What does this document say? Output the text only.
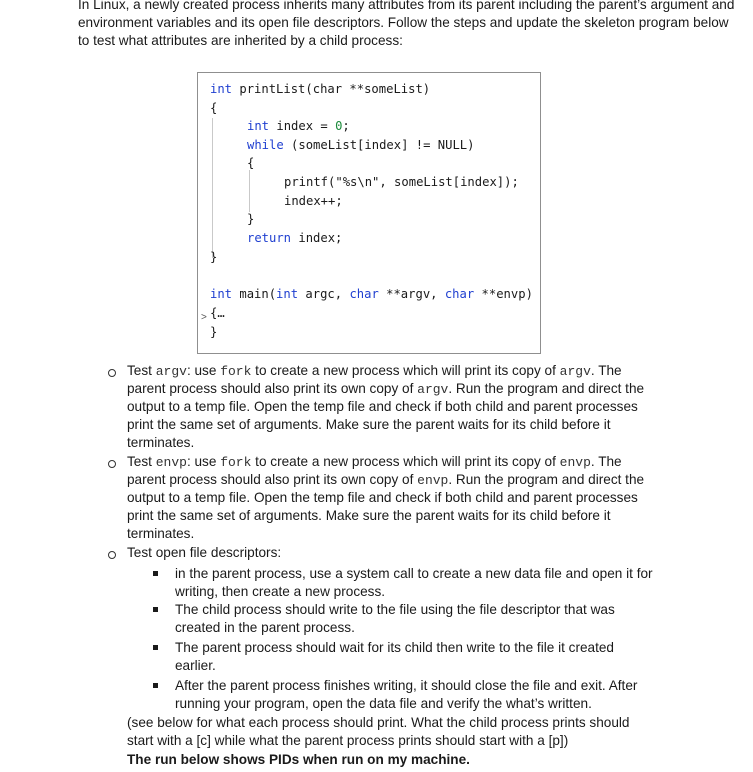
In Linux, a newly created process inherits many attributes from its parent including the parent’s argument and environment variables and its open file descriptors. Follow the steps and update the skeleton program below to test what attributes are inherited by a child process:
int printList(char **someList)
{
int index = 0;
while (someList[index] != NULL)
{
printf("%s\n", someList[index]);
index++;
}
return index;
}
int main(int argc, char **argv, char **envp)
> {…
}
Test argv: use fork to create a new process which will print its copy of argv. The
parent process should also print its own copy of argv. Run the program and direct the
output to a temp file. Open the temp file and check if both child and parent processes
print the same set of arguments. Make sure the parent waits for its child before it
terminates.
Test envp: use fork to create a new process which will print its copy of envp. The
parent process should also print its own copy of envp. Run the program and direct the
output to a temp file. Open the temp file and check if both child and parent processes
print the same set of arguments. Make sure the parent waits for its child before it
terminates.
Test open file descriptors:
in the parent process, use a system call to create a new data file and open it for
writing, then create a new process.
The child process should write to the file using the file descriptor that was
created in the parent process.
The parent process should wait for its child then write to the file it created
earlier.
After the parent process finishes writing, it should close the file and exit. After
running your program, open the data file and verify the what’s written.
(see below for what each process should print. What the child process prints should
start with a [c] while what the parent process prints should start with a [p])
The run below shows PIDs when run on my machine.
